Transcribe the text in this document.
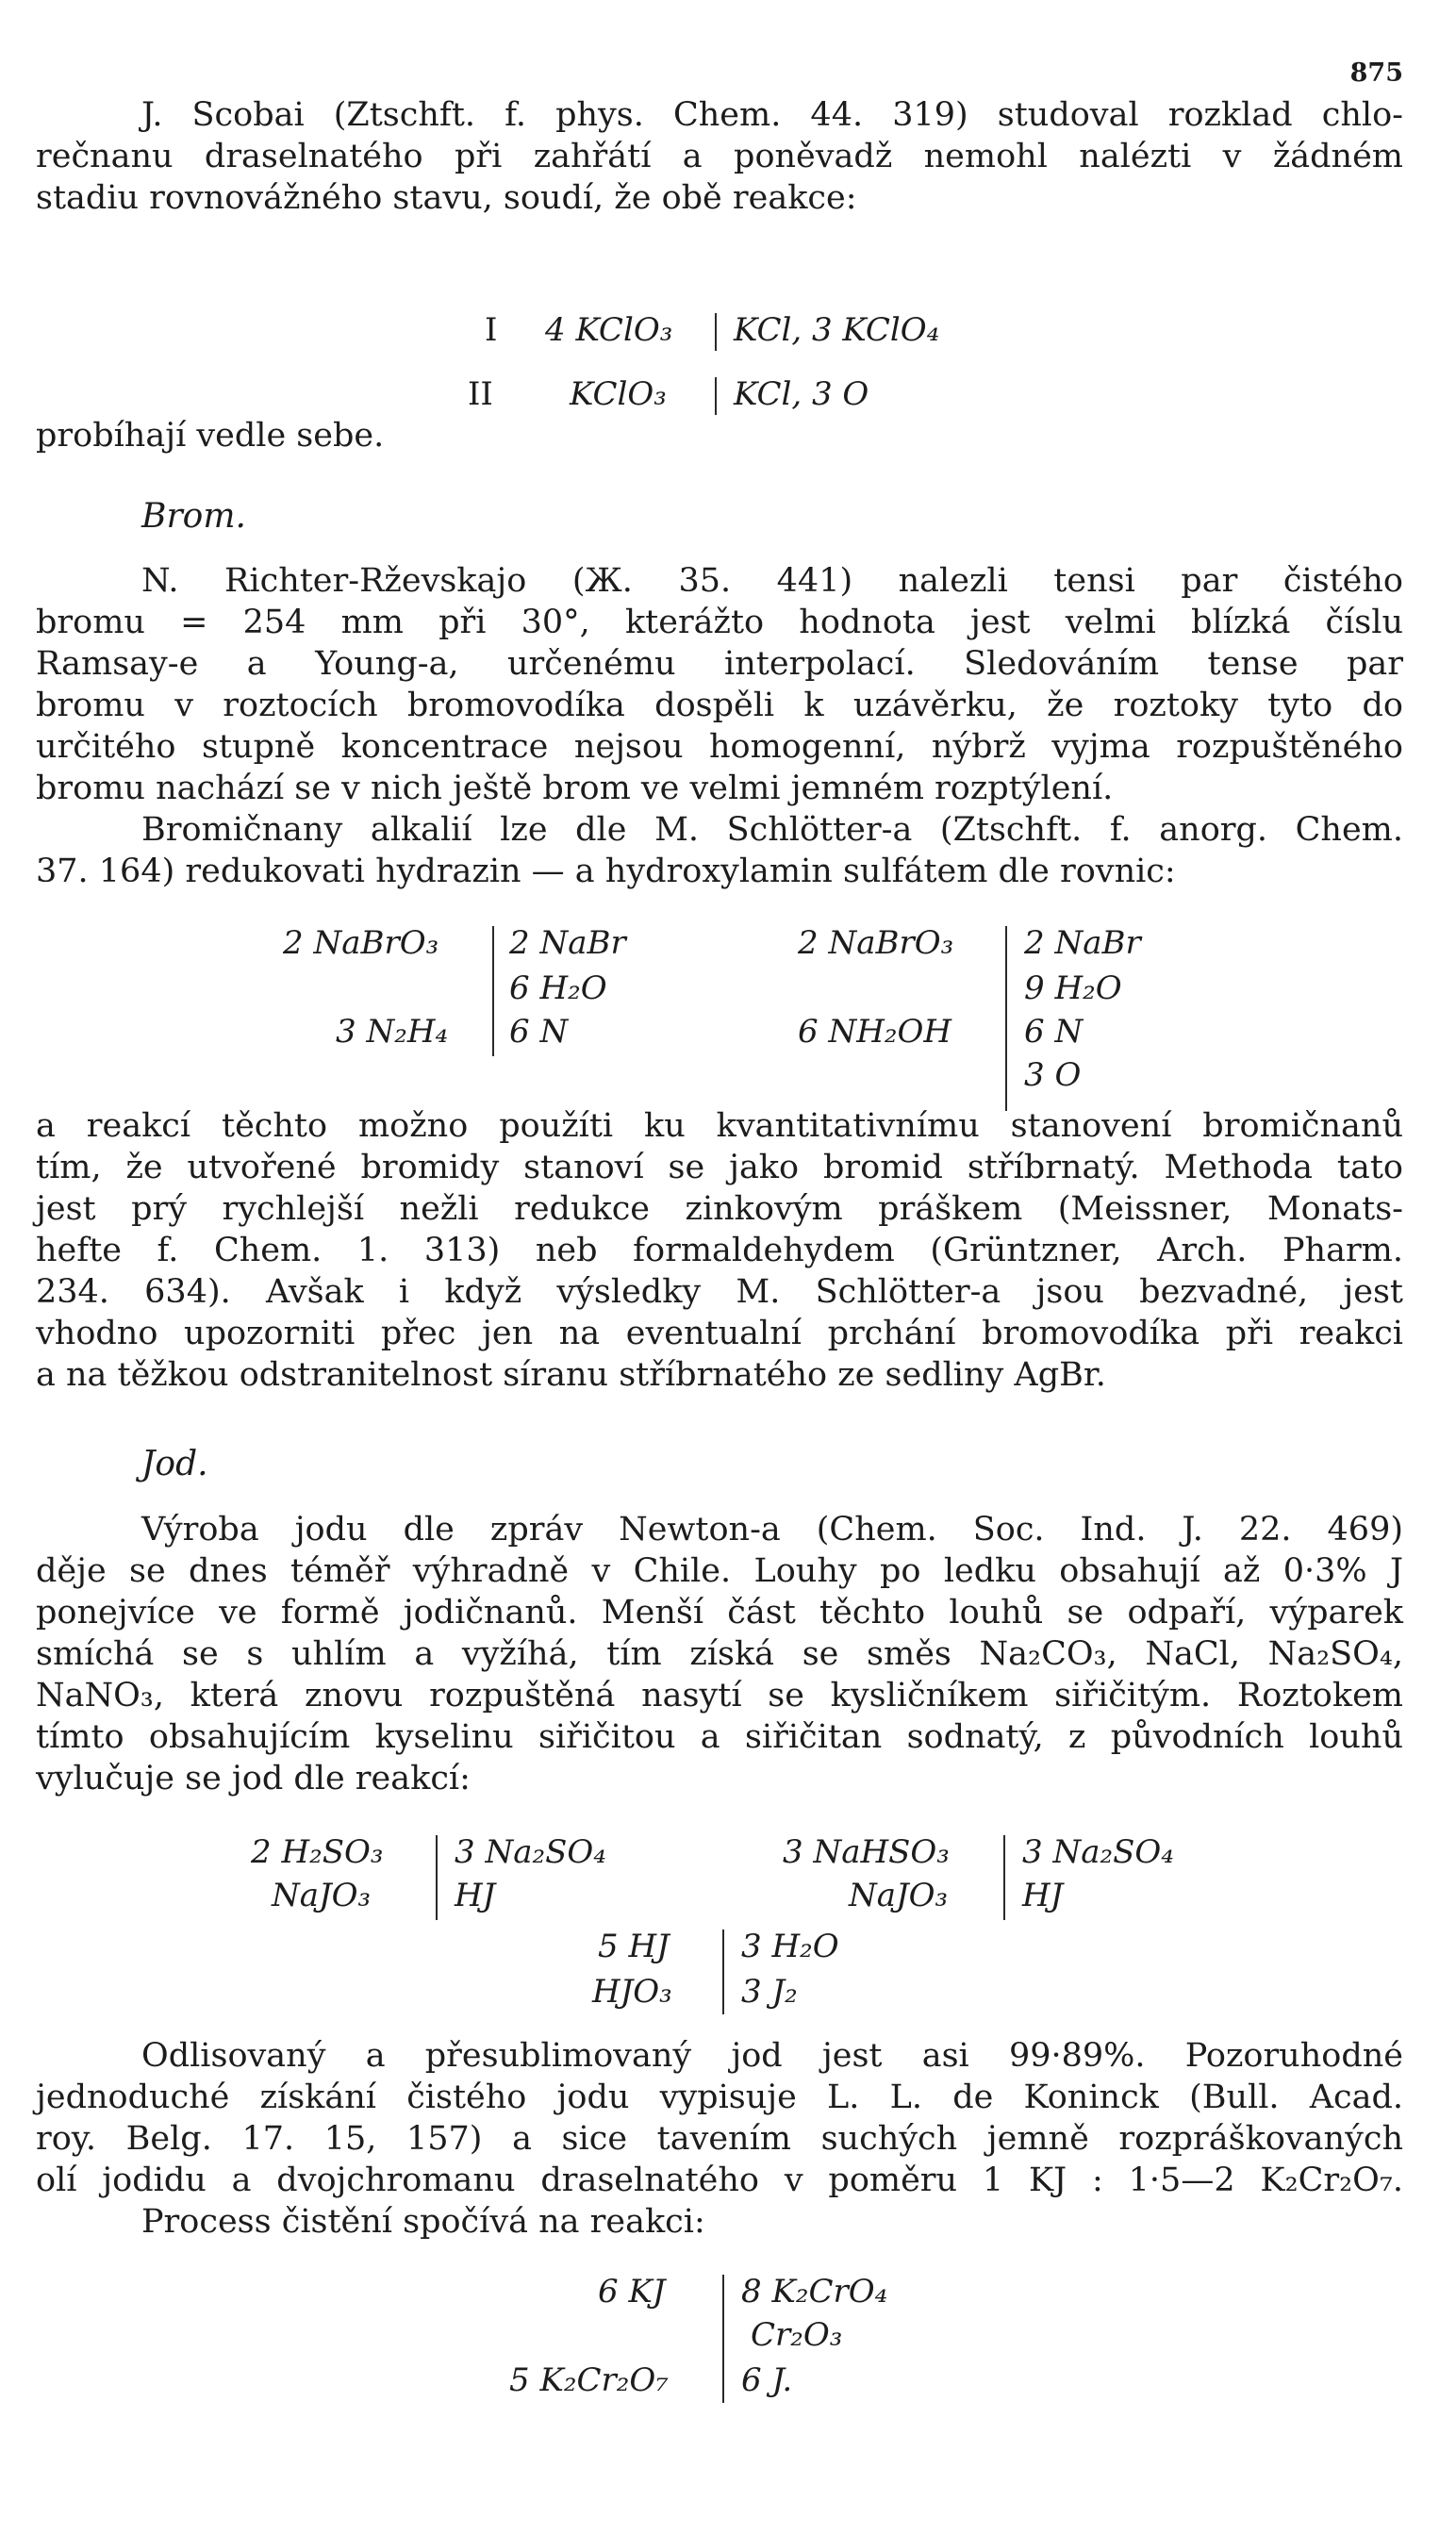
875
J. Scobai (Ztschft. f. phys. Chem. 44. 319) studoval rozklad chlo-
rečnanu draselnatého při zahřátí a poněvadž nemohl nalézti v žádném
stadiu rovnovážného stavu, soudí, že obě reakce:
I 4 KClO₃ KCl, 3 KClO₄
II KClO₃ KCl, 3 O
probíhají vedle sebe.
Brom.
N. Richter-Rževskajo (Ж. 35. 441) nalezli tensi par čistého
bromu = 254 mm při 30°, kterážto hodnota jest velmi blízká číslu
Ramsay-e a Young-a, určenému interpolací. Sledováním tense par
bromu v roztocích bromovodíka dospěli k uzávěrku, že roztoky tyto do
určitého stupně koncentrace nejsou homogenní, nýbrž vyjma rozpuštěného
bromu nachází se v nich ještě brom ve velmi jemném rozptýlení.
Bromičnany alkalií lze dle M. Schlötter-a (Ztschft. f. anorg. Chem.
37. 164) redukovati hydrazin — a hydroxylamin sulfátem dle rovnic:
2 NaBrO₃ 2 NaBr
6 H₂O
3 N₂H₄ 6 N
2 NaBrO₃ 2 NaBr
9 H₂O
6 NH₂OH 6 N
3 O
a reakcí těchto možno použíti ku kvantitativnímu stanovení bromičnanů
tím, že utvořené bromidy stanoví se jako bromid stříbrnatý. Methoda tato
jest prý rychlejší nežli redukce zinkovým práškem (Meissner, Monats-
hefte f. Chem. 1. 313) neb formaldehydem (Grüntzner, Arch. Pharm.
234. 634). Avšak i když výsledky M. Schlötter-a jsou bezvadné, jest
vhodno upozorniti přec jen na eventualní prchání bromovodíka při reakci
a na těžkou odstranitelnost síranu stříbrnatého ze sedliny AgBr.
Jod.
Výroba jodu dle zpráv Newton-a (Chem. Soc. Ind. J. 22. 469)
děje se dnes téměř výhradně v Chile. Louhy po ledku obsahují až 0·3% J
ponejvíce ve formě jodičnanů. Menší část těchto louhů se odpaří, výparek
smíchá se s uhlím a vyžíhá, tím získá se směs Na₂CO₃, NaCl, Na₂SO₄,
NaNO₃, která znovu rozpuštěná nasytí se kysličníkem siřičitým. Roztokem
tímto obsahujícím kyselinu siřičitou a siřičitan sodnatý, z původních louhů
vylučuje se jod dle reakcí:
2 H₂SO₃ 3 Na₂SO₄
NaJO₃	HJ
3 NaHSO₃ 3 Na₂SO₄
NaJO₃ HJ
5 HJ 3 H₂O
HJO₃ 3 J₂
Odlisovaný a přesublimovaný jod jest asi 99·89%. Pozoruhodné
jednoduché získání čistého jodu vypisuje L. L. de Koninck (Bull. Acad.
roy. Belg. 17. 15, 157) a sice tavením suchých jemně rozpráškovaných
olí jodidu a dvojchromanu draselnatého v poměru 1 KJ : 1·5—2 K₂Cr₂O₇.
Process čistění spočívá na reakci:
6 KJ 8 K₂CrO₄
Cr₂O₃
5 K₂Cr₂O₇ 6 J.
